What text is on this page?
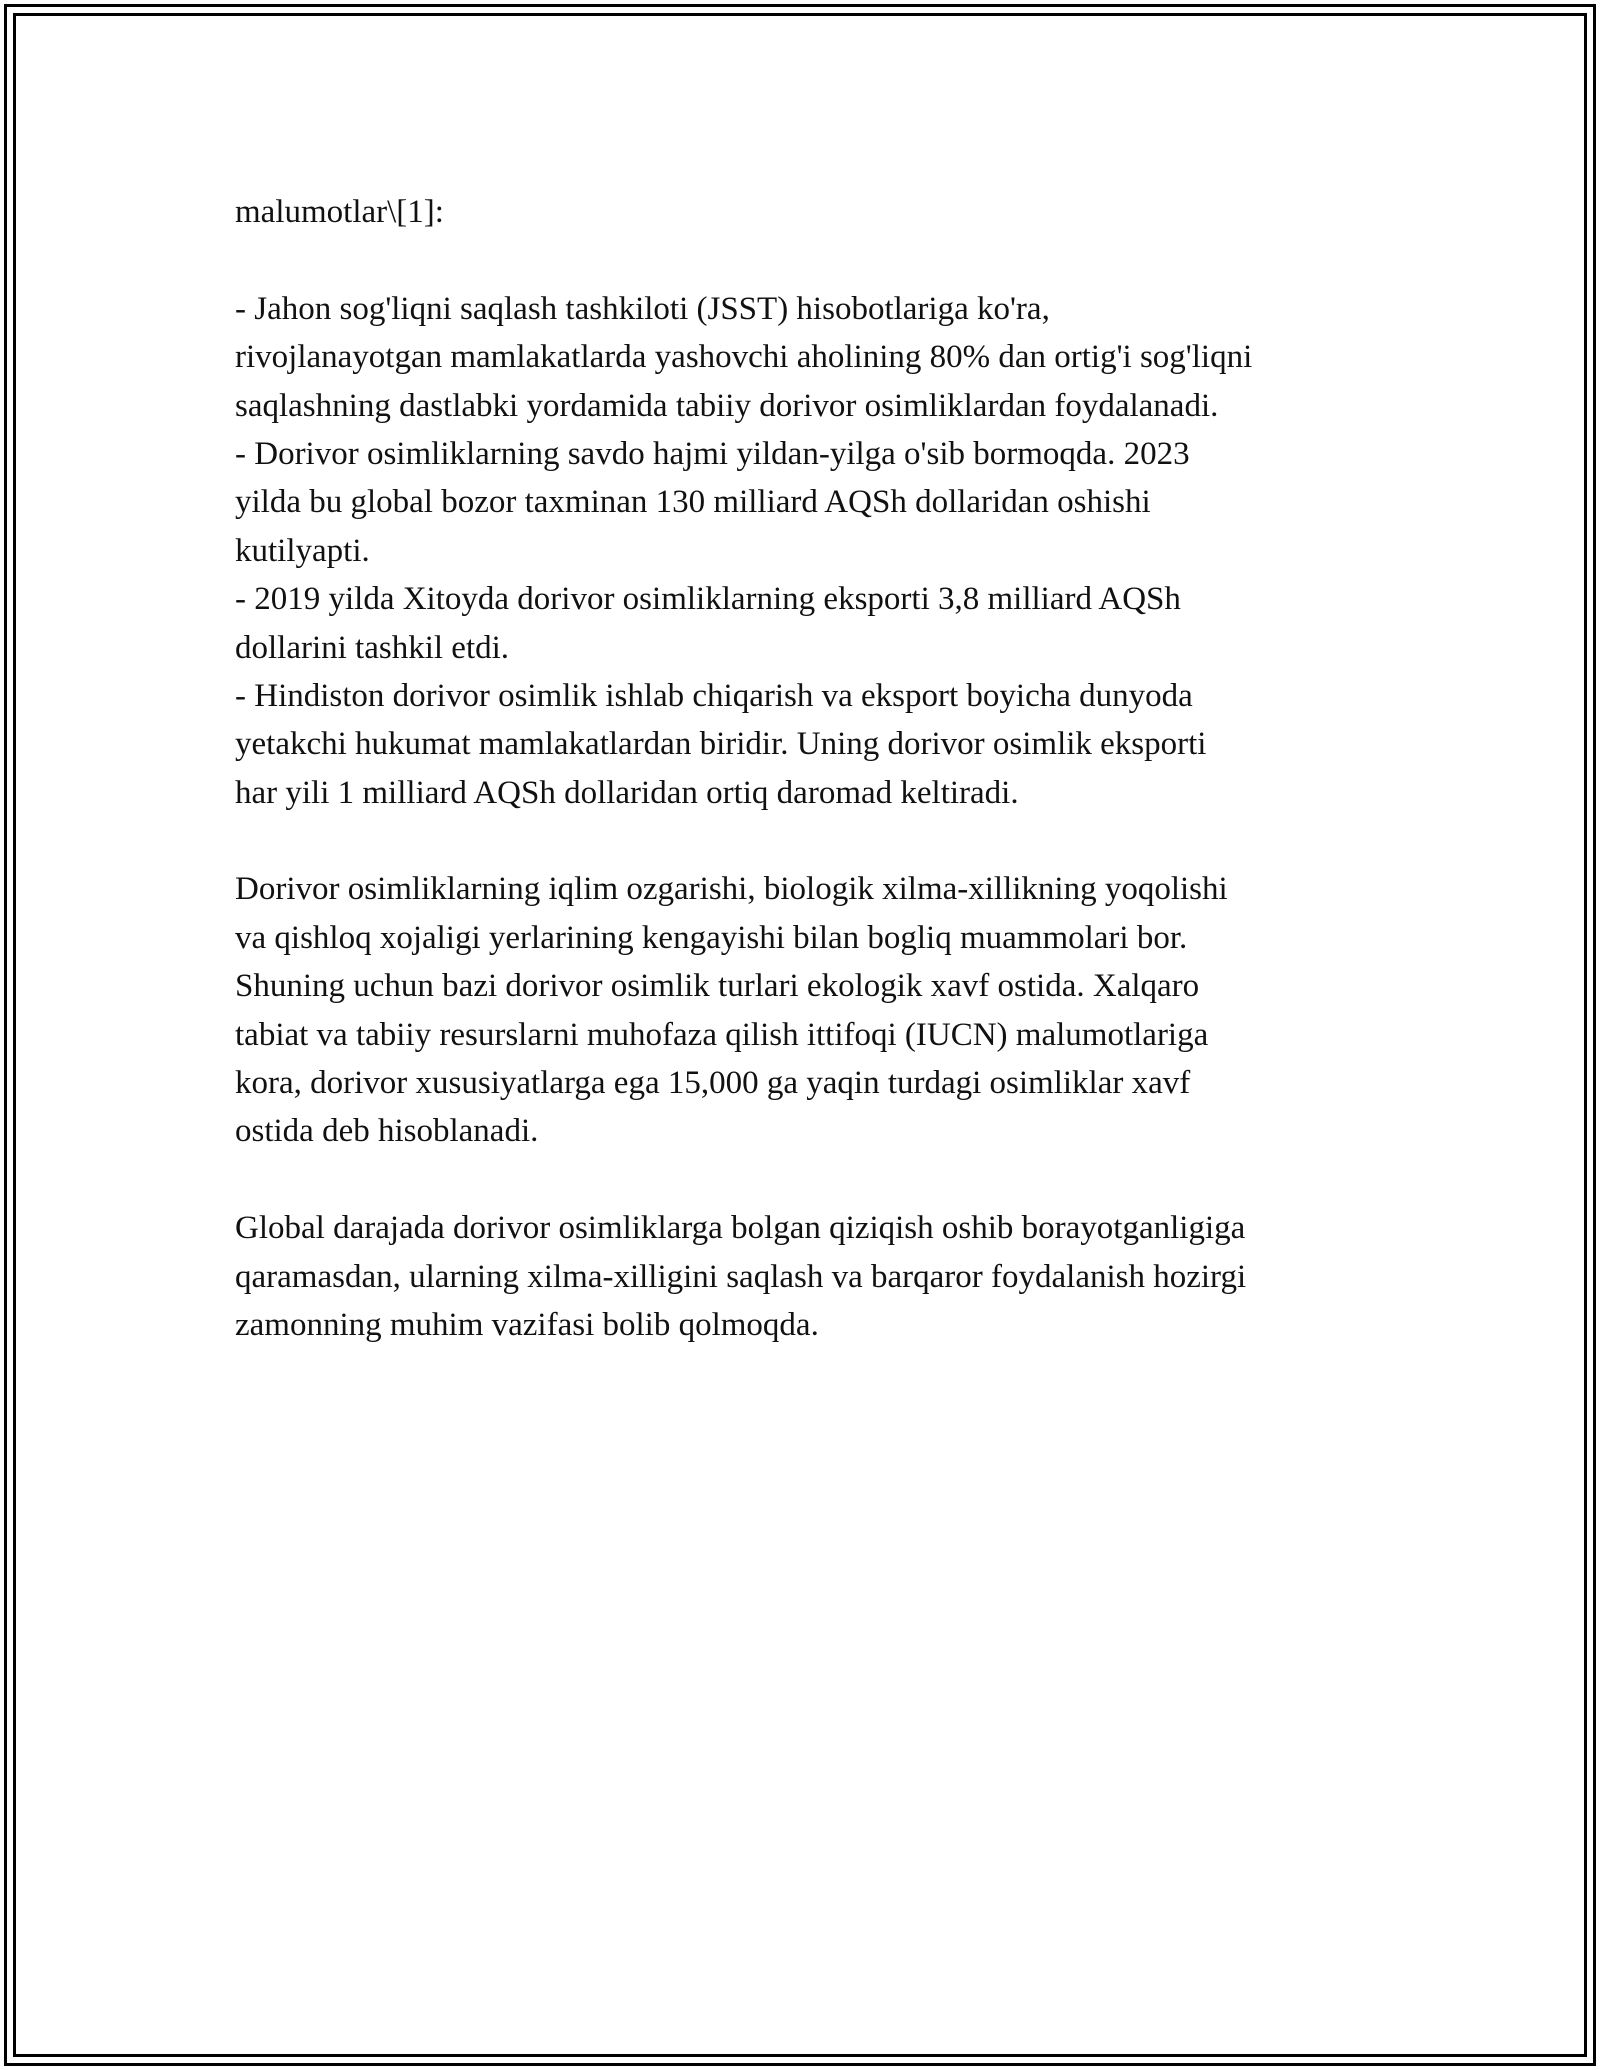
malumotlar\[1]:
- Jahon sog'liqni saqlash tashkiloti (JSST) hisobotlariga ko'ra,
rivojlanayotgan mamlakatlarda yashovchi aholining 80% dan ortig'i sog'liqni
saqlashning dastlabki yordamida tabiiy dorivor osimliklardan foydalanadi.
- Dorivor osimliklarning savdo hajmi yildan-yilga o'sib bormoqda. 2023
yilda bu global bozor taxminan 130 milliard AQSh dollaridan oshishi
kutilyapti.
- 2019 yilda Xitoyda dorivor osimliklarning eksporti 3,8 milliard AQSh
dollarini tashkil etdi.
- Hindiston dorivor osimlik ishlab chiqarish va eksport boyicha dunyoda
yetakchi hukumat mamlakatlardan biridir. Uning dorivor osimlik eksporti
har yili 1 milliard AQSh dollaridan ortiq daromad keltiradi.
Dorivor osimliklarning iqlim ozgarishi, biologik xilma-xillikning yoqolishi
va qishloq xojaligi yerlarining kengayishi bilan bogliq muammolari bor.
Shuning uchun bazi dorivor osimlik turlari ekologik xavf ostida. Xalqaro
tabiat va tabiiy resurslarni muhofaza qilish ittifoqi (IUCN) malumotlariga
kora, dorivor xususiyatlarga ega 15,000 ga yaqin turdagi osimliklar xavf
ostida deb hisoblanadi.
Global darajada dorivor osimliklarga bolgan qiziqish oshib borayotganligiga
qaramasdan, ularning xilma-xilligini saqlash va barqaror foydalanish hozirgi
zamonning muhim vazifasi bolib qolmoqda.
